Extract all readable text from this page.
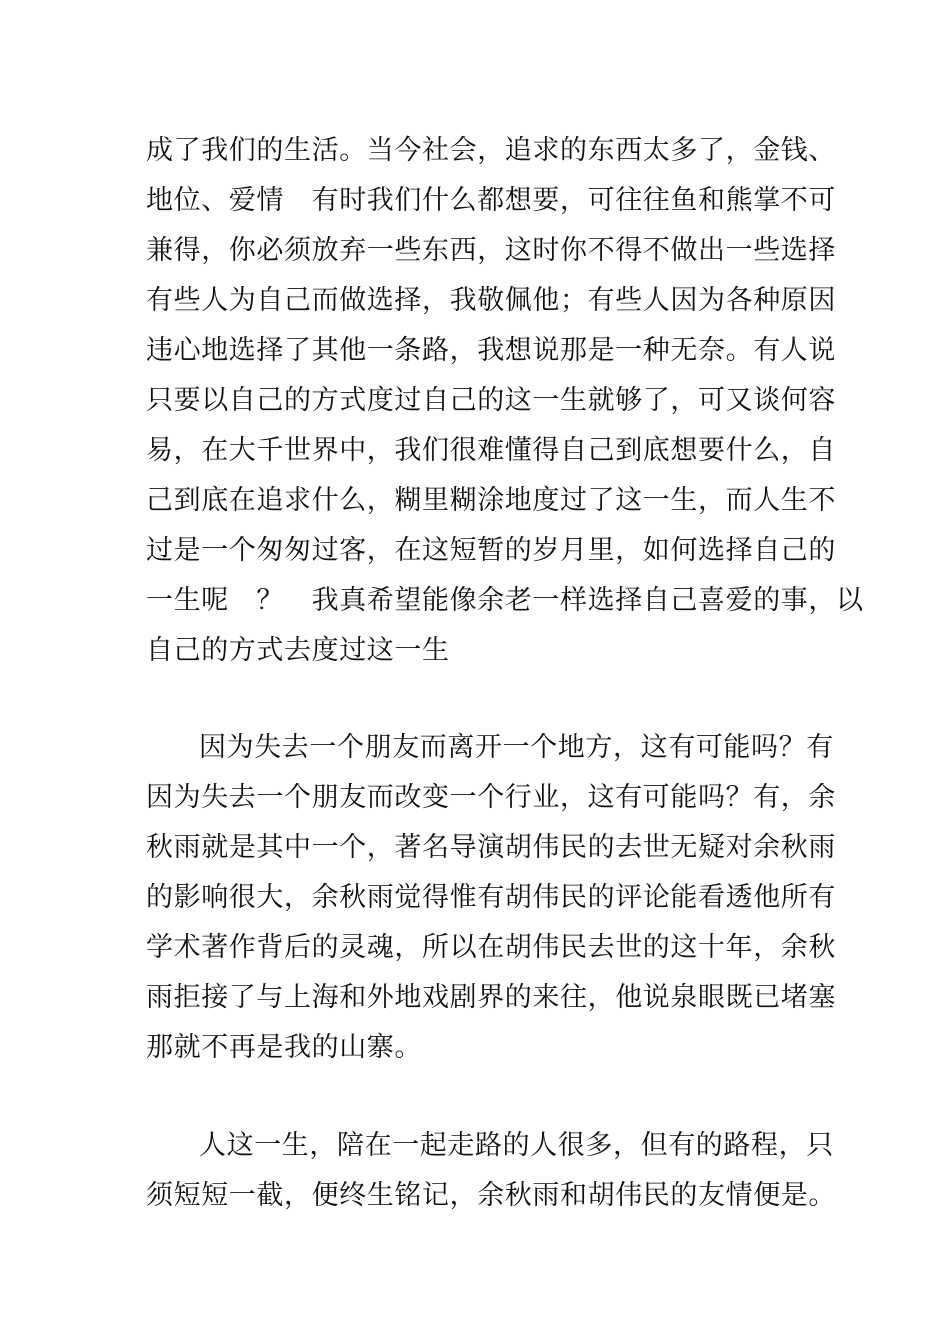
成了我们的生活。当今社会，追求的东西太多了，金钱、
地位、爱情　有时我们什么都想要，可往往鱼和熊掌不可
兼得，你必须放弃一些东西，这时你不得不做出一些选择
有些人为自己而做选择，我敬佩他；有些人因为各种原因
违心地选择了其他一条路，我想说那是一种无奈。有人说
只要以自己的方式度过自己的这一生就够了，可又谈何容
易，在大千世界中，我们很难懂得自己到底想要什么，自
己到底在追求什么，糊里糊涂地度过了这一生，而人生不
过是一个匆匆过客，在这短暂的岁月里，如何选择自己的
一生呢　？　我真希望能像余老一样选择自己喜爱的事，以
自己的方式去度过这一生
因为失去一个朋友而离开一个地方，这有可能吗？有
因为失去一个朋友而改变一个行业，这有可能吗？有，余
秋雨就是其中一个，著名导演胡伟民的去世无疑对余秋雨
的影响很大，余秋雨觉得惟有胡伟民的评论能看透他所有
学术著作背后的灵魂，所以在胡伟民去世的这十年，余秋
雨拒接了与上海和外地戏剧界的来往，他说泉眼既已堵塞
那就不再是我的山寨。
人这一生，陪在一起走路的人很多，但有的路程，只
须短短一截，便终生铭记，余秋雨和胡伟民的友情便是。
